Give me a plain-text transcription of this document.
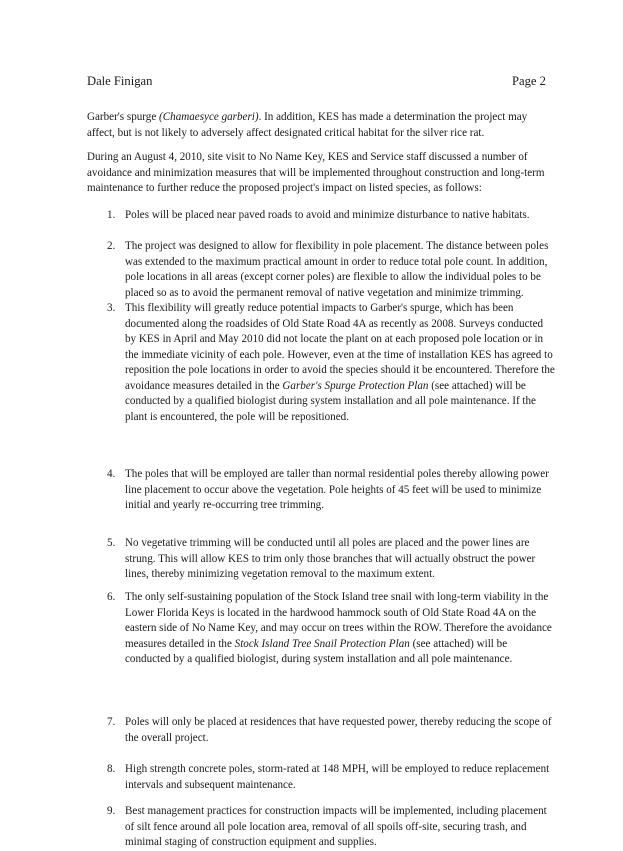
Dale Finigan	Page 2

Garber's spurge (Chamaesyce garberi). In addition, KES has made a determination the project may affect, but is not likely to adversely affect designated critical habitat for the silver rice rat.

During an August 4, 2010, site visit to No Name Key, KES and Service staff discussed a number of avoidance and minimization measures that will be implemented throughout construction and long-term maintenance to further reduce the proposed project's impact on listed species, as follows:

1. Poles will be placed near paved roads to avoid and minimize disturbance to native habitats.
2. The project was designed to allow for flexibility in pole placement. The distance between poles was extended to the maximum practical amount in order to reduce total pole count. In addition, pole locations in all areas (except corner poles) are flexible to allow the individual poles to be placed so as to avoid the permanent removal of native vegetation and minimize trimming.
3. This flexibility will greatly reduce potential impacts to Garber's spurge, which has been documented along the roadsides of Old State Road 4A as recently as 2008. Surveys conducted by KES in April and May 2010 did not locate the plant on at each proposed pole location or in the immediate vicinity of each pole. However, even at the time of installation KES has agreed to reposition the pole locations in order to avoid the species should it be encountered. Therefore the avoidance measures detailed in the Garber's Spurge Protection Plan (see attached) will be conducted by a qualified biologist during system installation and all pole maintenance. If the plant is encountered, the pole will be repositioned.
4. The poles that will be employed are taller than normal residential poles thereby allowing power line placement to occur above the vegetation. Pole heights of 45 feet will be used to minimize initial and yearly re-occurring tree trimming.
5. No vegetative trimming will be conducted until all poles are placed and the power lines are strung. This will allow KES to trim only those branches that will actually obstruct the power lines, thereby minimizing vegetation removal to the maximum extent.
6. The only self-sustaining population of the Stock Island tree snail with long-term viability in the Lower Florida Keys is located in the hardwood hammock south of Old State Road 4A on the eastern side of No Name Key, and may occur on trees within the ROW. Therefore the avoidance measures detailed in the Stock Island Tree Snail Protection Plan (see attached) will be conducted by a qualified biologist, during system installation and all pole maintenance.
7. Poles will only be placed at residences that have requested power, thereby reducing the scope of the overall project.
8. High strength concrete poles, storm-rated at 148 MPH, will be employed to reduce replacement intervals and subsequent maintenance.
9. Best management practices for construction impacts will be implemented, including placement of silt fence around all pole location area, removal of all spoils off-site, securing trash, and minimal staging of construction equipment and supplies.
